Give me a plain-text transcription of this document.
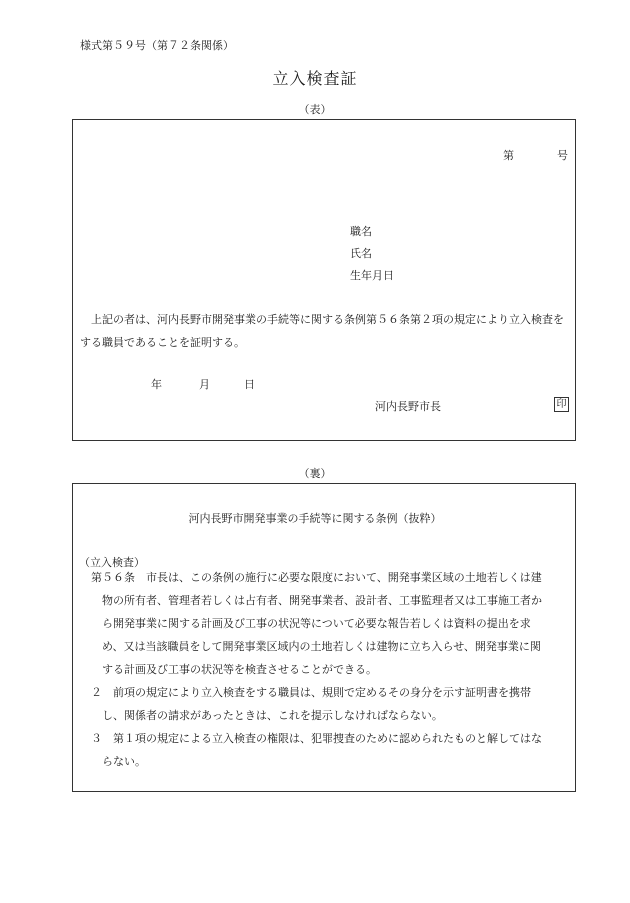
様式第５９号（第７２条関係）
立入検査証
（表）
第	号
職名
氏名
生年月日
上記の者は、河内長野市開発事業の手続等に関する条例第５６条第２項の規定により立入検査をする職員であることを証明する。
年	月	日
河内長野市長	印
（裏）
河内長野市開発事業の手続等に関する条例（抜粋）
（立入検査）
第５６条　市長は、この条例の施行に必要な限度において、開発事業区域の土地若しくは建
物の所有者、管理者若しくは占有者、開発事業者、設計者、工事監理者又は工事施工者か
ら開発事業に関する計画及び工事の状況等について必要な報告若しくは資料の提出を求
め、又は当該職員をして開発事業区域内の土地若しくは建物に立ち入らせ、開発事業に関
する計画及び工事の状況等を検査させることができる。
２　前項の規定により立入検査をする職員は、規則で定めるその身分を示す証明書を携帯
し、関係者の請求があったときは、これを提示しなければならない。
３　第１項の規定による立入検査の権限は、犯罪捜査のために認められたものと解してはな
らない。
